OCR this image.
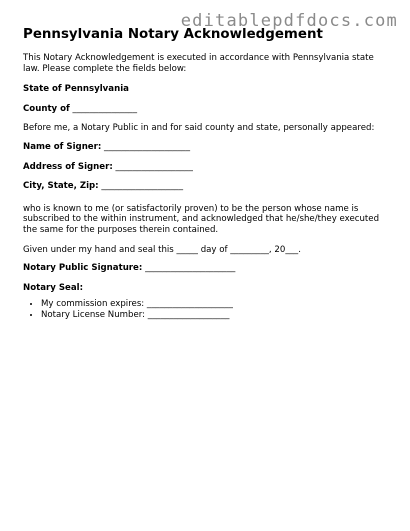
editablepdfdocs.com
Pennsylvania Notary Acknowledgement

This Notary Acknowledgement is executed in accordance with Pennsylvania state law. Please complete the fields below:

State of Pennsylvania

County of _______________

Before me, a Notary Public in and for said county and state, personally appeared:

Name of Signer: ____________________

Address of Signer: __________________

City, State, Zip: ___________________

who is known to me (or satisfactorily proven) to be the person whose name is subscribed to the within instrument, and acknowledged that he/she/they executed the same for the purposes therein contained.

Given under my hand and seal this _____ day of _________, 20___.

Notary Public Signature: _____________________

Notary Seal:

• My commission expires: ____________________
• Notary License Number: ___________________
